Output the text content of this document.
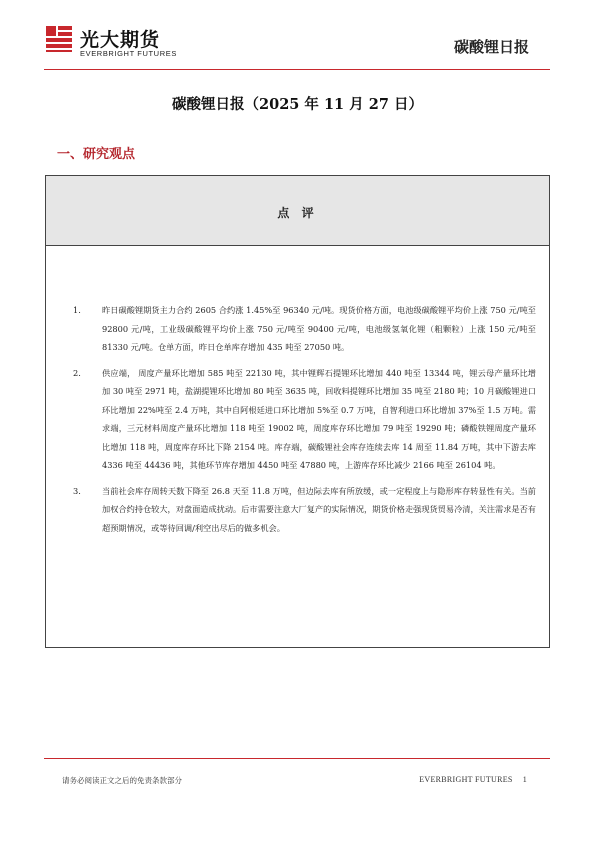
光大期货
EVERBRIGHT FUTURES	碳酸锂日报
碳酸锂日报（2025 年 11 月 27 日）
一、研究观点
点 评
1.	昨日碳酸锂期货主力合约 2605 合约涨 1.45%至 96340 元/吨。现货价格方面，电池级碳酸锂平均价上涨 750 元/吨至 92800 元/吨，工业级碳酸锂平均价上涨 750 元/吨至 90400 元/吨，电池级氢氧化锂（粗颗粒）上涨 150 元/吨至 81330 元/吨。仓单方面，昨日仓单库存增加 435 吨至 27050 吨。
2.	供应端， 周度产量环比增加 585 吨至 22130 吨，其中锂辉石提锂环比增加 440 吨至 13344 吨，锂云母产量环比增加 30 吨至 2971 吨，盐湖提锂环比增加 80 吨至 3635 吨，回收料提锂环比增加 35 吨至 2180 吨；10 月碳酸锂进口环比增加 22%吨至 2.4 万吨，其中自阿根廷进口环比增加 5%至 0.7 万吨，自智利进口环比增加 37%至 1.5 万吨。需求端，三元材料周度产量环比增加 118 吨至 19002 吨，周度库存环比增加 79 吨至 19290 吨；磷酸铁锂周度产量环比增加 118 吨，周度库存环比下降 2154 吨。库存端，碳酸锂社会库存连续去库 14 周至 11.84 万吨，其中下游去库 4336 吨至 44436 吨，其他环节库存增加 4450 吨至 47880 吨，上游库存环比减少 2166 吨至 26104 吨。
3.	当前社会库存周转天数下降至 26.8 天至 11.8 万吨，但边际去库有所放缓，或一定程度上与隐形库存转显性有关。当前加权合约持仓较大，对盘面造成扰动。后市需要注意大厂复产的实际情况，期货价格走强现货贸易冷清，关注需求是否有超预期情况，或等待回调/利空出尽后的做多机会。
请务必阅读正文之后的免责条款部分	EVERBRIGHT FUTURES 1
